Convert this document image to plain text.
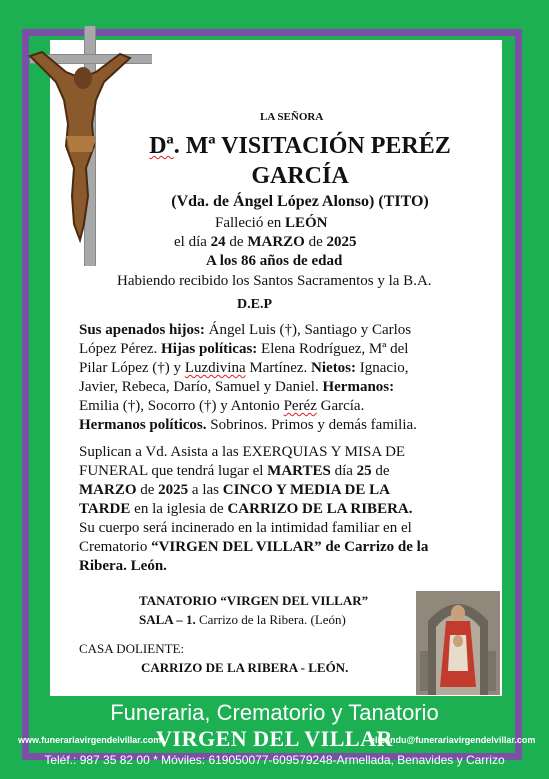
LA SEÑORA
Dª. Mª VISITACIÓN PERÉZ
GARCÍA
(Vda. de Ángel López Alonso) (TITO)
Falleció en LEÓN
el día 24 de MARZO de 2025
A los 86 años de edad
Habiendo recibido los Santos Sacramentos y la B.A.
D.E.P
Sus apenados hijos: Ángel Luis (†), Santiago y Carlos
López Pérez. Hijas políticas: Elena Rodríguez, Mª del
Pilar López (†) y Luzdivina Martínez. Nietos: Ignacio,
Javier, Rebeca, Darío, Samuel y Daniel. Hermanos:
Emilia (†), Socorro (†) y Antonio Peréz García.
Hermanos políticos. Sobrinos. Primos y demás familia.
Suplican a Vd. Asista a las EXERQUIAS Y MISA DE
FUNERAL que tendrá lugar el MARTES día 25 de
MARZO de 2025 a las CINCO Y MEDIA DE LA
TARDE en la iglesia de CARRIZO DE LA RIBERA.
Su cuerpo será incinerado en la intimidad familiar en el
Crematorio “VIRGEN DEL VILLAR” de Carrizo de la
Ribera. León.
TANATORIO “VIRGEN DEL VILLAR”
SALA – 1. Carrizo de la Ribera. (León)
CASA DOLIENTE:
CARRIZO DE LA RIBERA - LEÓN.
Funeraria, Crematorio y Tanatorio
www.funerariavirgendelvillar.com
VIRGEN DEL VILLAR
elisandu@funerariavirgendelvillar.com
Teléf.: 987 35 82 00 * Móviles: 619050077-609579248-Armellada, Benavides y Carrizo
